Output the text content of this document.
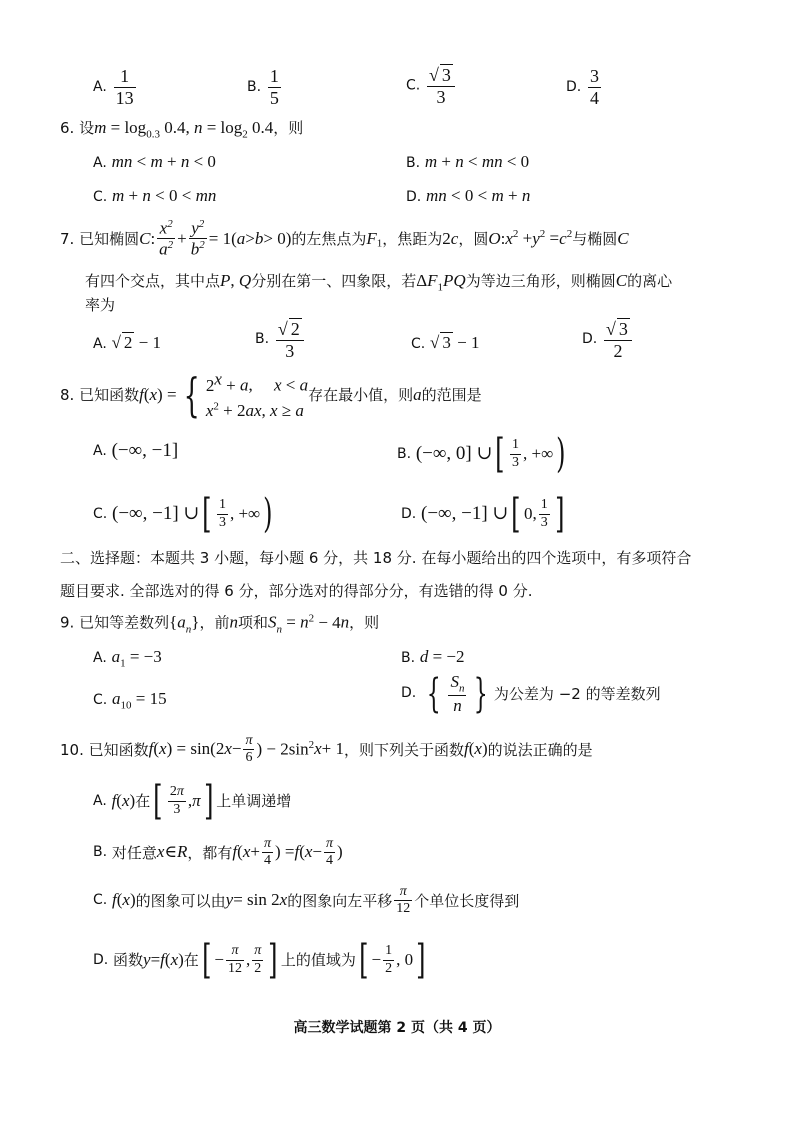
A. $\frac{1}{13}$	B. $\frac{1}{5}$	C. $\frac{√ 3}{3}$	D. $\frac{3}{4}$
6. 设$m = \log_{0.3} 0.4$, $n = \log_2 0.4$，则
A. mn < m + n < 0	B. m + n < mn < 0
C. m + n < 0 < mn	D. mn < 0 < m + n
7. 已知椭圆C: $\frac{x^2}{a^2} + \frac{y^2}{b^2} = 1(a>b> 0)$的左焦点为$F_1$，焦距为2c，圆$O:x^2 +y^2 =c^2$与椭圆C
有四个交点，其中点P, Q分别在第一、四象限，若$\Delta F_1PQ$为等边三角形，则椭圆C的离心
率为
A. √ 2 − 1	B. $\frac{√ 2}{3}$	C. √ 3 − 1	D. $\frac{√ 3}{2}$
8. 已知函数f(x) ={ $2^x + a$,     x < a
$x^2 + 2ax$, x ≥ a
存在最小值，则a的范围是
A. (−∞, −1]	B. (−∞, 0] ∪[ $\frac{1}{3}$ , +∞)
C. (−∞, −1] ∪[ $\frac{1}{3}$ , +∞)	D. (−∞, −1] ∪[ 0, $\frac{1}{3}$ ]
二、选择题：本题共 3 小题，每小题 6 分，共 18 分. 在每小题给出的四个选项中，有多项符合
题目要求. 全部选对的得 6 分，部分选对的得部分分，有选错的得 0 分.
9. 已知等差数列$\{a_n\}$，前n项和$S_n = n^2 - 4n$，则
A. $a_1 = -3$	B. d = −2
C. $a_{10} = 15$	D. { $\frac{S_n}{n}$ } 为公差为 −2 的等差数列
10. 已知函数$f(x) = \sin(2x- \frac{\pi}{6}$ ) − $2\sin^2x+ 1$，则下列关于函数f(x)的说法正确的是
A. f(x)在[ $\frac{2\pi}{3} ,\pi$] 上单调递增
B. 对任意x∈R，都有$f(x+ \frac{\pi}{4}$ ) $=f(x- \frac{\pi}{4}$ )
C. f(x)的图象可以由y= sin 2x的图象向左平移 $\frac{\pi}{12}$ 个单位长度得到
D. 函数y=f(x)在[ − $\frac{\pi}{12}$ , $\frac{\pi}{2}$ ] 上的值域为[ − $\frac{1}{2}$ , 0]
高三数学试题第 2 页（共 4 页）
